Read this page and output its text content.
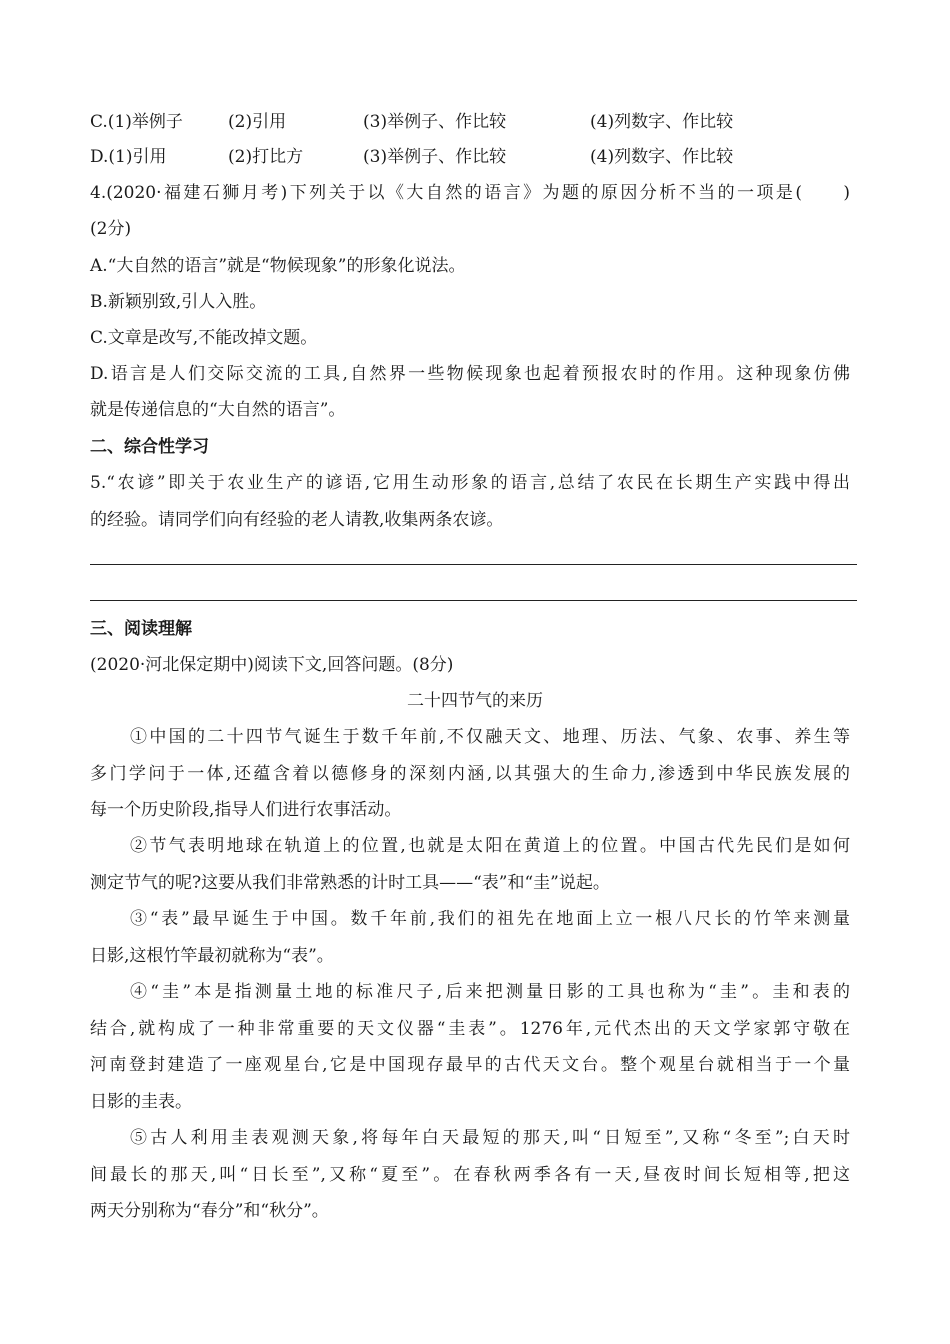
C.(1)举例子	(2)引用	(3)举例子、作比较	(4)列数字、作比较
D.(1)引用	(2)打比方	(3)举例子、作比较	(4)列数字、作比较
4.(2020·福建石狮月考)下列关于以《大自然的语言》为题的原因分析不当的一项是(　　)
(2分)
A.“大自然的语言”就是“物候现象”的形象化说法。
B.新颖别致,引人入胜。
C.文章是改写,不能改掉文题。
D.语言是人们交际交流的工具,自然界一些物候现象也起着预报农时的作用。这种现象仿佛
就是传递信息的“大自然的语言”。
二、综合性学习
5.“农谚”即关于农业生产的谚语,它用生动形象的语言,总结了农民在长期生产实践中得出
的经验。请同学们向有经验的老人请教,收集两条农谚。
三、阅读理解
(2020·河北保定期中)阅读下文,回答问题。(8分)
二十四节气的来历
①中国的二十四节气诞生于数千年前,不仅融天文、地理、历法、气象、农事、养生等
多门学问于一体,还蕴含着以德修身的深刻内涵,以其强大的生命力,渗透到中华民族发展的
每一个历史阶段,指导人们进行农事活动。
②节气表明地球在轨道上的位置,也就是太阳在黄道上的位置。中国古代先民们是如何
测定节气的呢?这要从我们非常熟悉的计时工具——“表”和“圭”说起。
③“表”最早诞生于中国。数千年前,我们的祖先在地面上立一根八尺长的竹竿来测量
日影,这根竹竿最初就称为“表”。
④“圭”本是指测量土地的标准尺子,后来把测量日影的工具也称为“圭”。圭和表的
结合,就构成了一种非常重要的天文仪器“圭表”。1276年,元代杰出的天文学家郭守敬在
河南登封建造了一座观星台,它是中国现存最早的古代天文台。整个观星台就相当于一个量
日影的圭表。
⑤古人利用圭表观测天象,将每年白天最短的那天,叫“日短至”,又称“冬至”;白天时
间最长的那天,叫“日长至”,又称“夏至”。在春秋两季各有一天,昼夜时间长短相等,把这
两天分别称为“春分”和“秋分”。
